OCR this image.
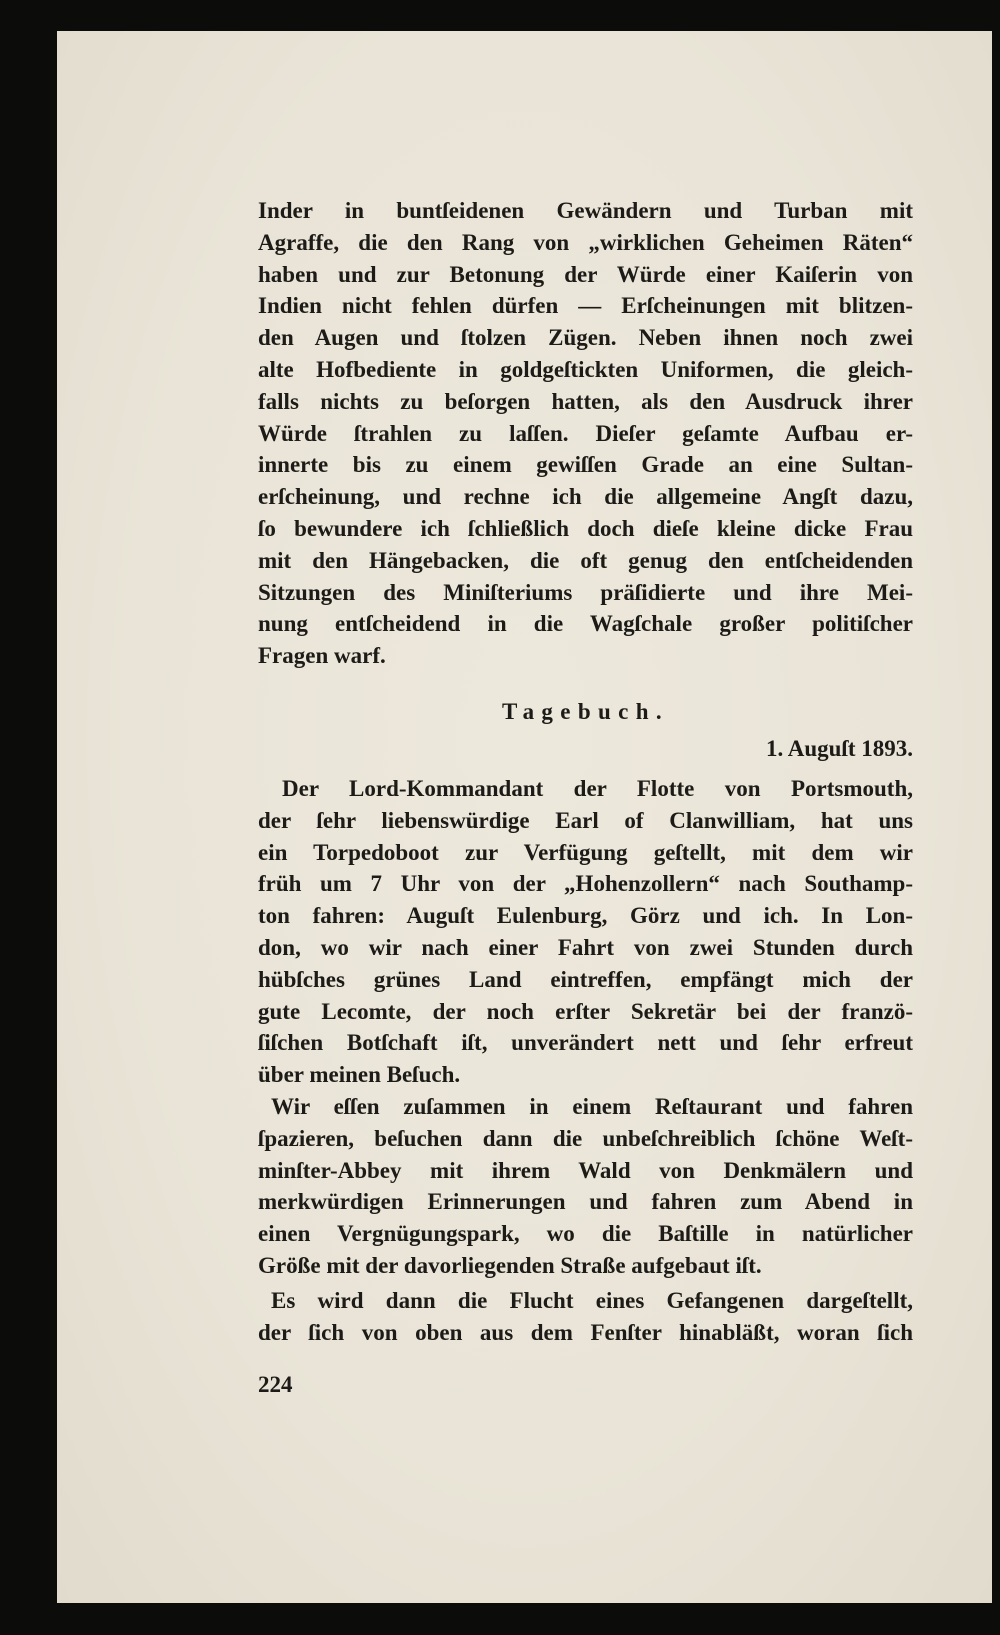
Inder in buntſeidenen Gewändern und Turban mit
Agraffe, die den Rang von „wirklichen Geheimen Räten“
haben und zur Betonung der Würde einer Kaiſerin von
Indien nicht fehlen dürfen — Erſcheinungen mit blitzen-
den Augen und ſtolzen Zügen. Neben ihnen noch zwei
alte Hofbediente in goldgeſtickten Uniformen, die gleich-
falls nichts zu beſorgen hatten, als den Ausdruck ihrer
Würde ſtrahlen zu laſſen. Dieſer geſamte Aufbau er-
innerte bis zu einem gewiſſen Grade an eine Sultan-
erſcheinung, und rechne ich die allgemeine Angſt dazu,
ſo bewundere ich ſchließlich doch dieſe kleine dicke Frau
mit den Hängebacken, die oft genug den entſcheidenden
Sitzungen des Miniſteriums präſidierte und ihre Mei-
nung entſcheidend in die Wagſchale großer politiſcher
Fragen warf.
Tagebuch.
1. Auguſt 1893.
Der Lord-Kommandant der Flotte von Portsmouth,
der ſehr liebenswürdige Earl of Clanwilliam, hat uns
ein Torpedoboot zur Verfügung geſtellt, mit dem wir
früh um 7 Uhr von der „Hohenzollern“ nach Southamp-
ton fahren: Auguſt Eulenburg, Görz und ich. In Lon-
don, wo wir nach einer Fahrt von zwei Stunden durch
hübſches grünes Land eintreffen, empfängt mich der
gute Lecomte, der noch erſter Sekretär bei der franzö-
ſiſchen Botſchaft iſt, unverändert nett und ſehr erfreut
über meinen Beſuch.
Wir eſſen zuſammen in einem Reſtaurant und fahren
ſpazieren, beſuchen dann die unbeſchreiblich ſchöne Weſt-
minſter-Abbey mit ihrem Wald von Denkmälern und
merkwürdigen Erinnerungen und fahren zum Abend in
einen Vergnügungspark, wo die Baſtille in natürlicher
Größe mit der davorliegenden Straße aufgebaut iſt.
Es wird dann die Flucht eines Gefangenen dargeſtellt,
der ſich von oben aus dem Fenſter hinabläßt, woran ſich
224
